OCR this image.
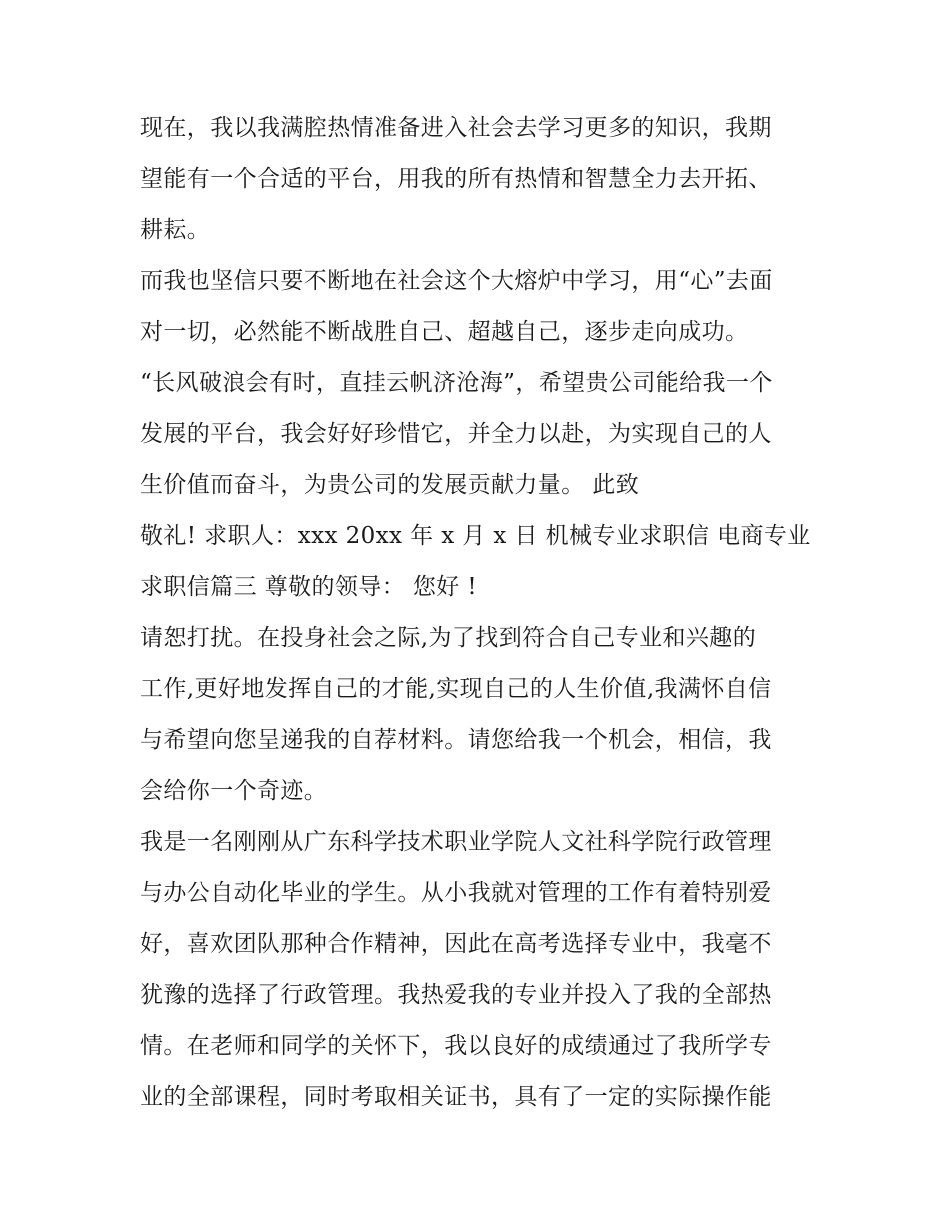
现在，我以我满腔热情准备进入社会去学习更多的知识，我期
望能有一个合适的平台，用我的所有热情和智慧全力去开拓、
耕耘。
而我也坚信只要不断地在社会这个大熔炉中学习，用“心”去面
对一切，必然能不断战胜自己、超越自己，逐步走向成功。
“长风破浪会有时，直挂云帆济沧海”，希望贵公司能给我一个
发展的平台，我会好好珍惜它，并全力以赴，为实现自己的人
生价值而奋斗，为贵公司的发展贡献力量。 此致
敬礼! 求职人：xxx 20xx 年 x 月 x 日 机械专业求职信 电商专业
求职信篇三 尊敬的领导： 您好 !
请恕打扰。在投身社会之际,为了找到符合自己专业和兴趣的
工作,更好地发挥自己的才能,实现自己的人生价值,我满怀自信
与希望向您呈递我的自荐材料。请您给我一个机会，相信，我
会给你一个奇迹。
我是一名刚刚从广东科学技术职业学院人文社科学院行政管理
与办公自动化毕业的学生。从小我就对管理的工作有着特别爱
好，喜欢团队那种合作精神，因此在高考选择专业中，我毫不
犹豫的选择了行政管理。我热爱我的专业并投入了我的全部热
情。在老师和同学的关怀下，我以良好的成绩通过了我所学专
业的全部课程，同时考取相关证书，具有了一定的实际操作能
